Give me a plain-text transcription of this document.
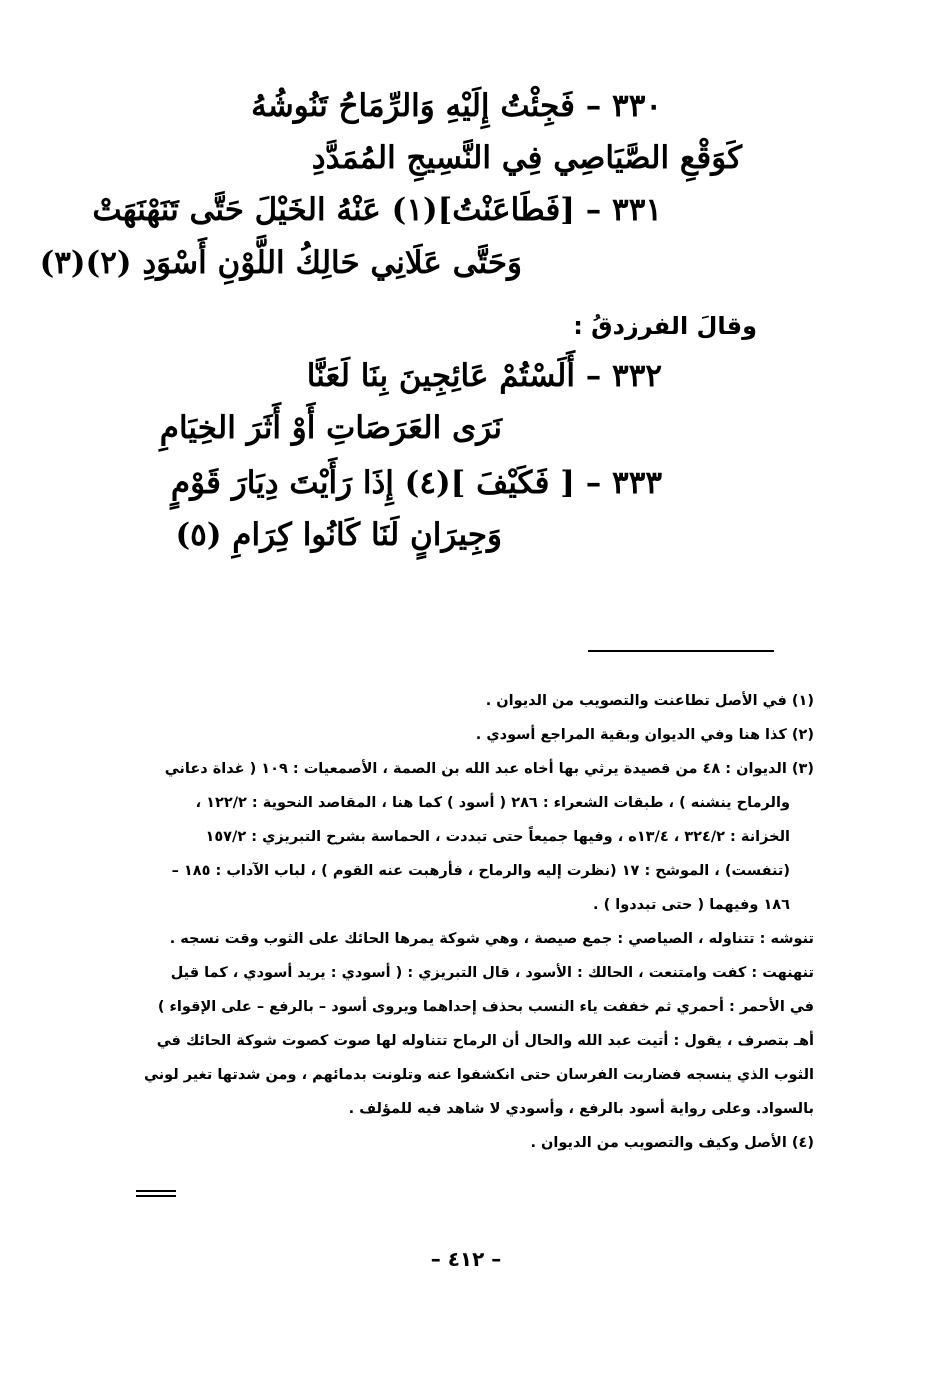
٣٣٠ – فَجِئْتُ إِلَيْهِ وَالرِّمَاحُ تَنُوشُهُ
كَوَقْعِ الصَّيَاصِي فِي النَّسِيجِ المُمَدَّدِ
٣٣١ – [فَطَاعَنْتُ](١) عَنْهُ الخَيْلَ حَتَّى تَنَهْنَهَتْ
وَحَتَّى عَلَانِي حَالِكُ اللَّوْنِ أَسْوَدِ (٢)(٣)
وقالَ الفرزدقُ :
٣٣٢ – أَلَسْتُمْ عَائِجِينَ بِنَا لَعَنَّا
نَرَى العَرَصَاتِ أَوْ أَثَرَ الخِيَامِ
٣٣٣ – [ فَكَيْفَ ](٤) إِذَا رَأَيْتَ دِيَارَ قَوْمٍ
وَجِيرَانٍ لَنَا كَانُوا كِرَامِ (٥)
(١) في الأصل تطاعنت والتصويب من الديوان .
(٢) كذا هنا وفي الديوان وبقية المراجع أسودي .
(٣) الديوان : ٤٨ من قصيدة يرثي بها أخاه عبد الله بن الصمة ، الأصمعيات : ١٠٩ ( غداة دعاني
والرماح ينشنه ) ، طبقات الشعراء : ٢٨٦ ( أسود ) كما هنا ، المقاصد النحوية : ١٢٢/٢ ،
الخزانة : ٣٢٤/٢ ، ١٣/٤ه ، وفيها جميعاً حتى تبددت ، الحماسة بشرح التبريزي : ١٥٧/٢
(تنفست) ، الموشح : ١٧ (نظرت إليه والرماح ، فأرهبت عنه القوم ) ، لباب الآداب : ١٨٥ –
١٨٦ وفيهما ( حتى تبددوا ) .
تنوشه : تتناوله ، الصياصي : جمع صيصة ، وهي شوكة يمرها الحائك على الثوب وقت نسجه .
تنهنهت : كفت وامتنعت ، الحالك : الأسود ، قال التبريزي : ( أسودي : يريد أسودي ، كما قيل
في الأحمر : أحمري ثم خففت ياء النسب بحذف إحداهما ويروى أسود – بالرفع – على الإقواء )
أهـ بتصرف ، يقول : أتيت عبد الله والحال أن الرماح تتناوله لها صوت كصوت شوكة الحائك في
الثوب الذي ينسجه فضاربت الفرسان حتى انكشفوا عنه وتلونت بدمائهم ، ومن شدتها تغير لوني
بالسواد. وعلى رواية أسود بالرفع ، وأسودي لا شاهد فيه للمؤلف .
(٤) الأصل وكيف والتصويب من الديوان .
– ٤١٢ –
